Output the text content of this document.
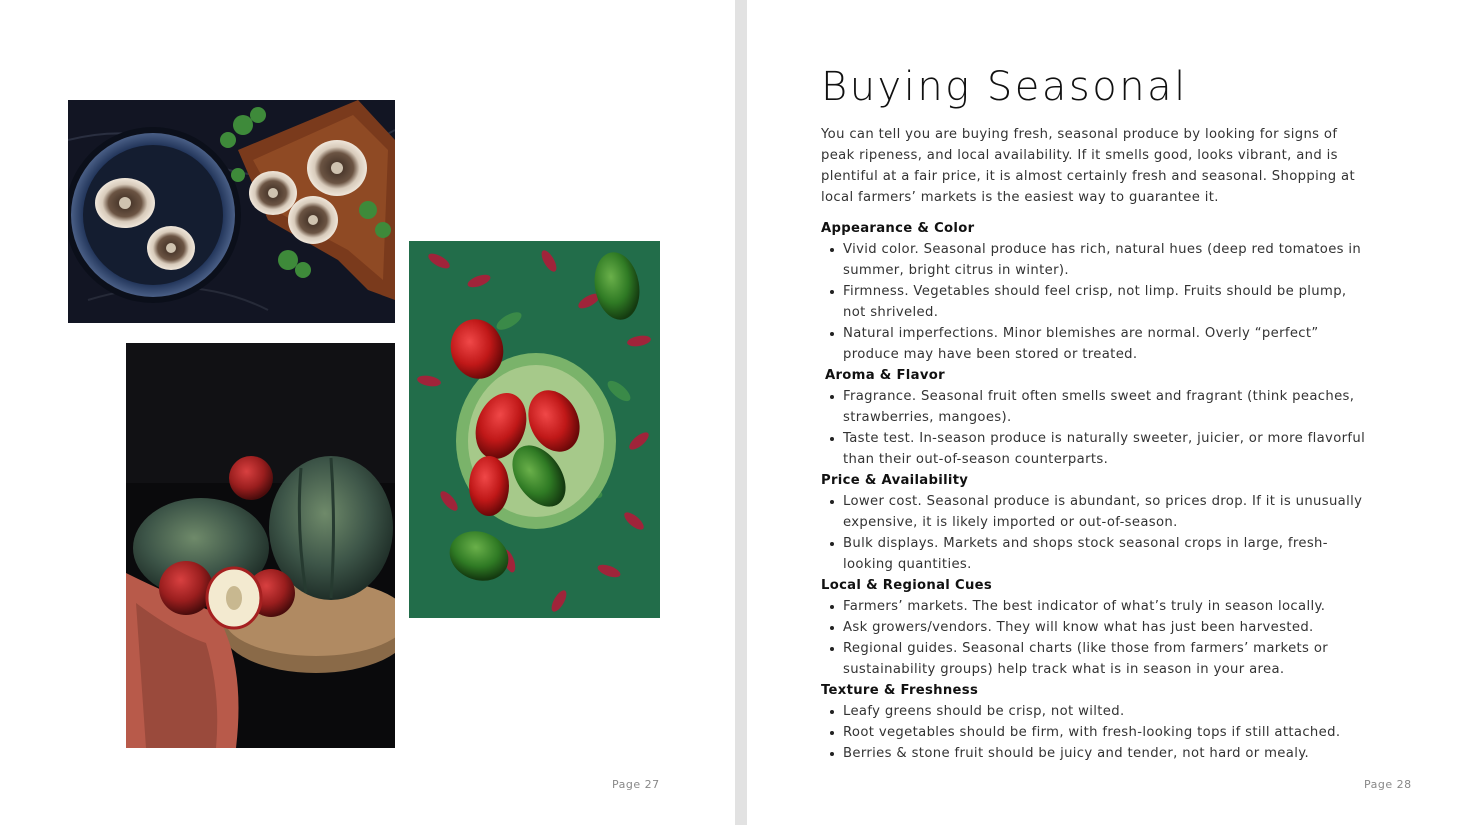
Page 27
Buying Seasonal

You can tell you are buying fresh, seasonal produce by looking for signs of peak ripeness, and local availability. If it smells good, looks vibrant, and is plentiful at a fair price, it is almost certainly fresh and seasonal. Shopping at local farmers’ markets is the easiest way to guarantee it.

Appearance & Color
Vivid color. Seasonal produce has rich, natural hues (deep red tomatoes in summer, bright citrus in winter).
Firmness. Vegetables should feel crisp, not limp. Fruits should be plump, not shriveled.
Natural imperfections. Minor blemishes are normal. Overly “perfect” produce may have been stored or treated.
Aroma & Flavor
Fragrance. Seasonal fruit often smells sweet and fragrant (think peaches, strawberries, mangoes).
Taste test. In-season produce is naturally sweeter, juicier, or more flavorful than their out-of-season counterparts.
Price & Availability
Lower cost. Seasonal produce is abundant, so prices drop. If it is unusually expensive, it is likely imported or out-of-season.
Bulk displays. Markets and shops stock seasonal crops in large, fresh-looking quantities.
Local & Regional Cues
Farmers’ markets. The best indicator of what’s truly in season locally.
Ask growers/vendors. They will know what has just been harvested.
Regional guides. Seasonal charts (like those from farmers’ markets or sustainability groups) help track what is in season in your area.
Texture & Freshness
Leafy greens should be crisp, not wilted.
Root vegetables should be firm, with fresh-looking tops if still attached.
Berries & stone fruit should be juicy and tender, not hard or mealy.
Page 28
